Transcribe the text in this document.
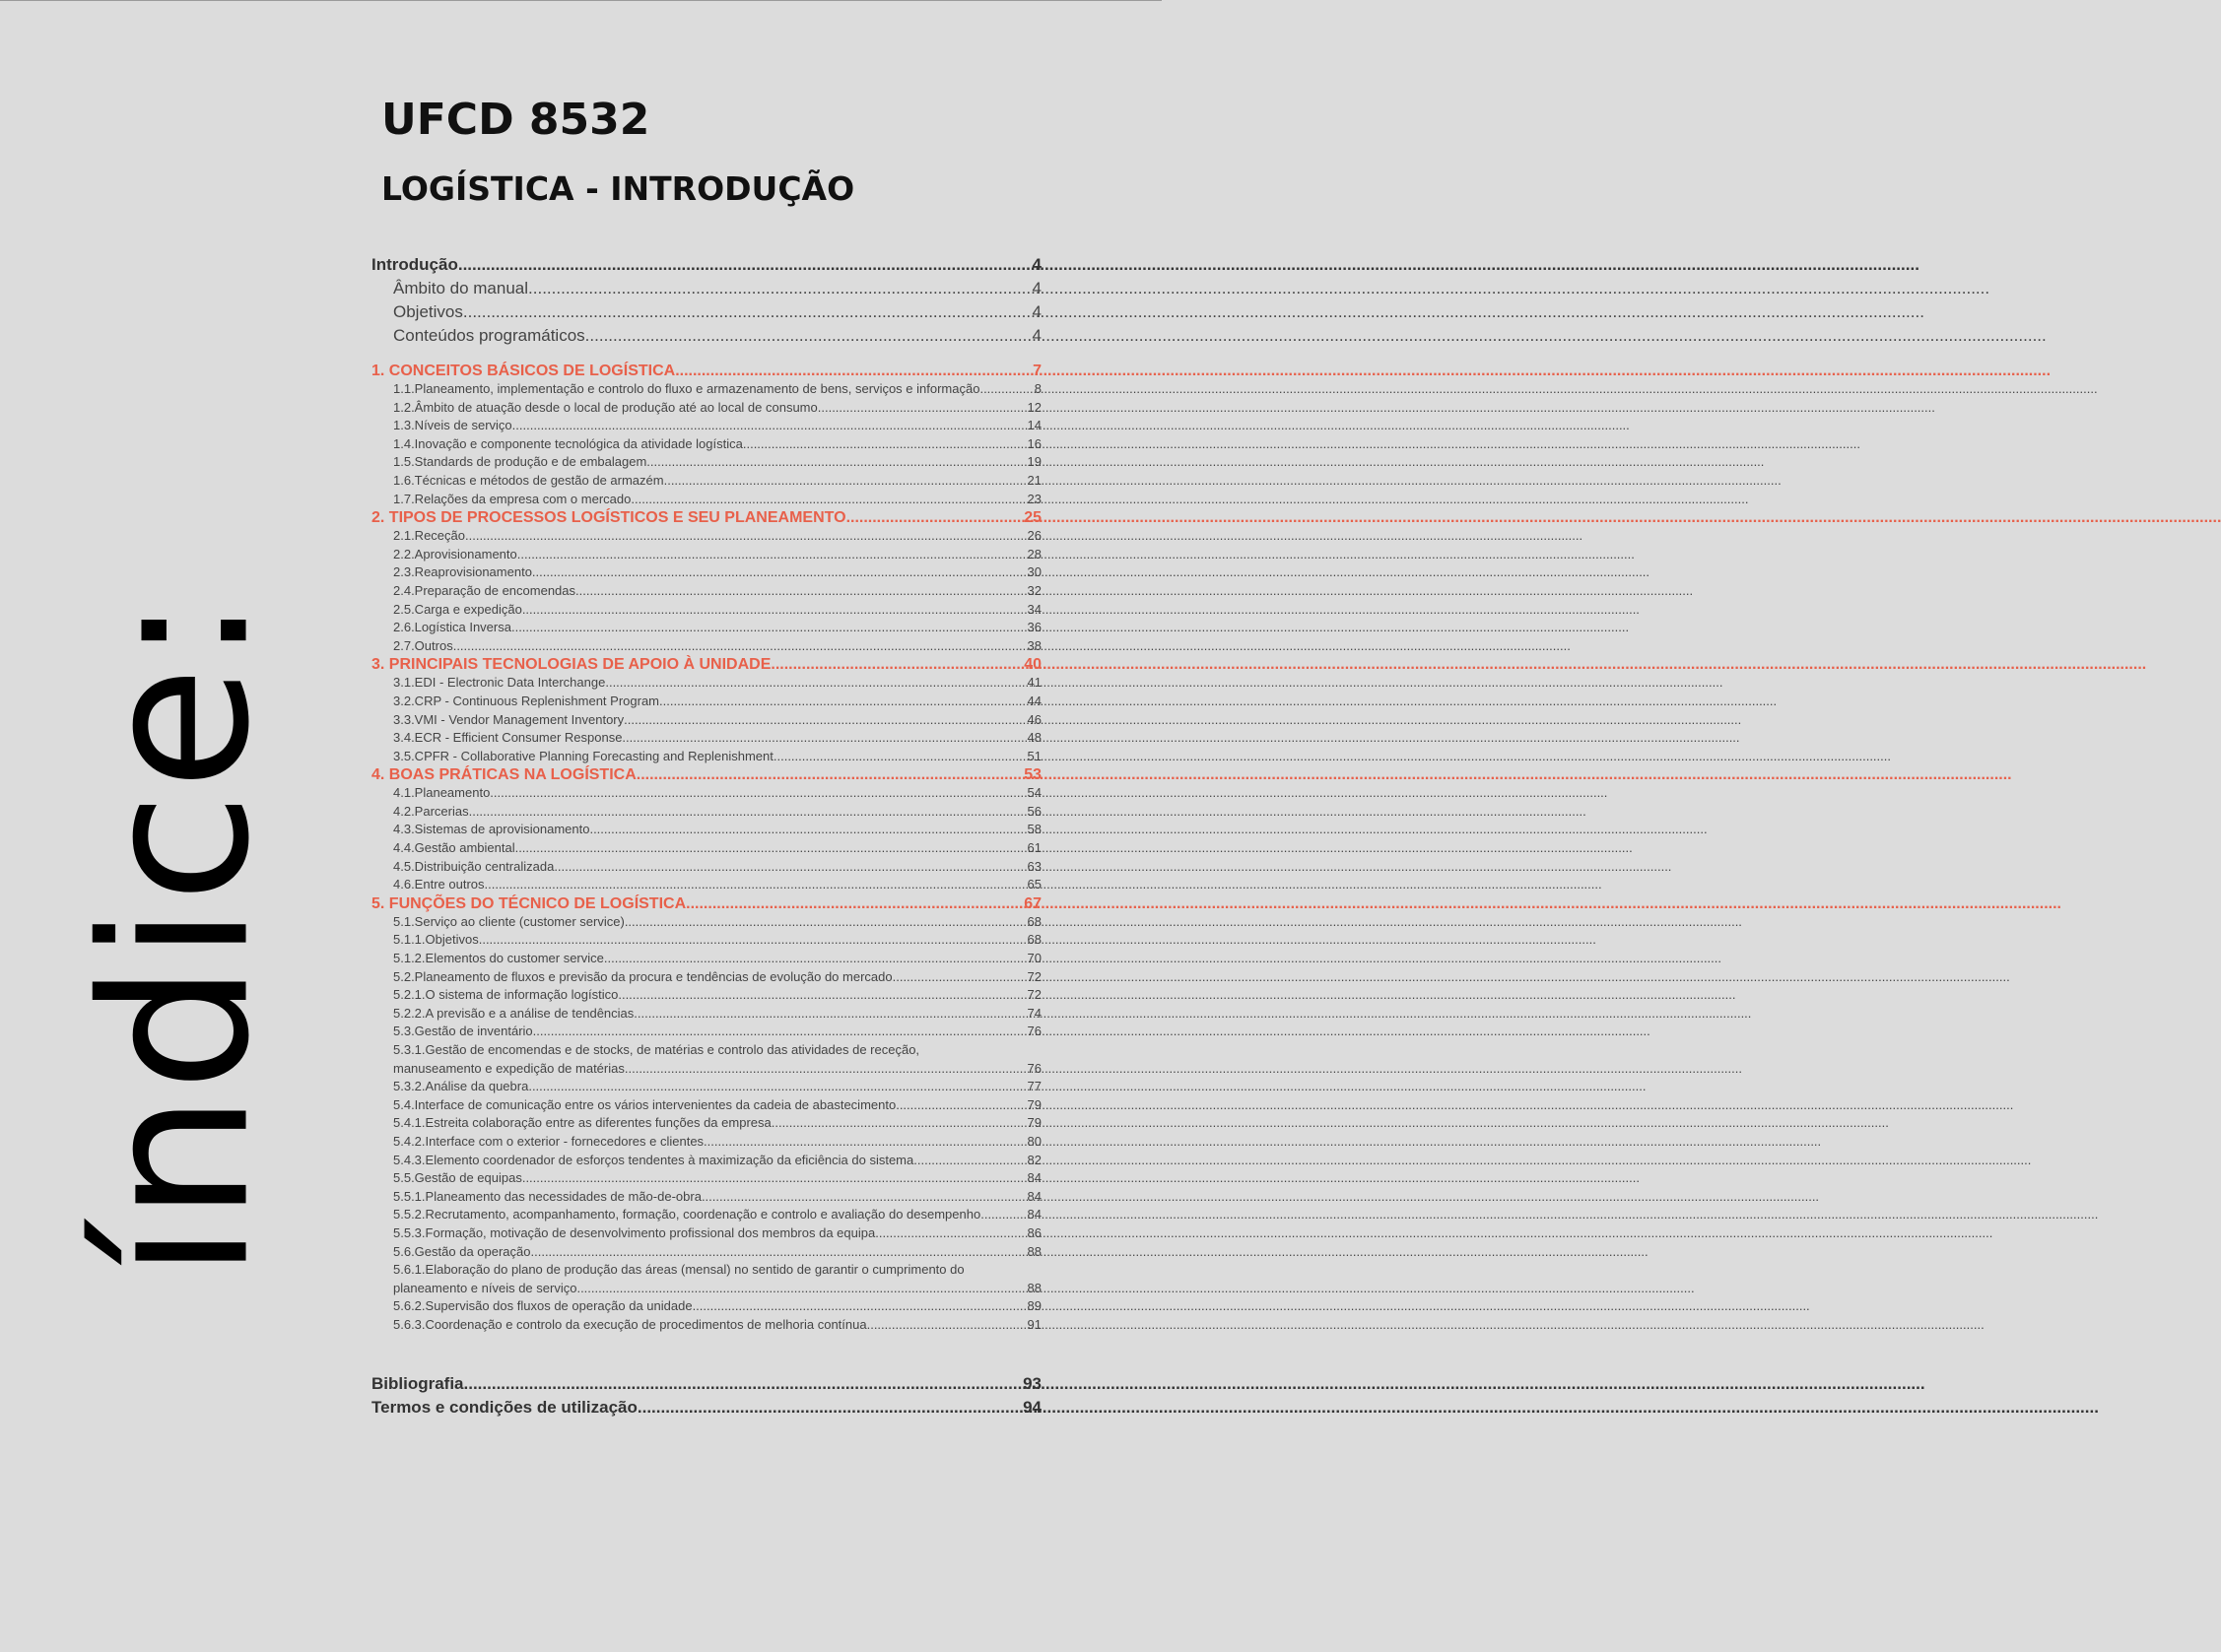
índice:
UFCD 8532
LOGÍSTICA - INTRODUÇÃO
Introdução .....	4
Âmbito do manual .....	4
Objetivos .....	4
Conteúdos programáticos .....	4
1. CONCEITOS BÁSICOS DE LOGÍSTICA .....	7
1.1.Planeamento, implementação e controlo do fluxo e armazenamento de bens, serviços e informação .....	8
1.2.Âmbito de atuação desde o local de produção até ao local de consumo .....	12
1.3.Níveis de serviço .....	14
1.4.Inovação e componente tecnológica da atividade logística .....	16
1.5.Standards de produção e de embalagem .....	19
1.6.Técnicas e métodos de gestão de armazém .....	21
1.7.Relações da empresa com o mercado .....	23
2. TIPOS DE PROCESSOS LOGÍSTICOS E SEU PLANEAMENTO .....	25
2.1.Receção .....	26
2.2.Aprovisionamento .....	28
2.3.Reaprovisionamento .....	30
2.4.Preparação de encomendas .....	32
2.5.Carga e expedição .....	34
2.6.Logística Inversa .....	36
2.7.Outros .....	38
3. PRINCIPAIS TECNOLOGIAS DE APOIO À UNIDADE .....	40
3.1.EDI - Electronic Data Interchange .....	41
3.2.CRP - Continuous Replenishment Program .....	44
3.3.VMI - Vendor Management Inventory .....	46
3.4.ECR - Efficient Consumer Response .....	48
3.5.CPFR - Collaborative Planning Forecasting and Replenishment .....	51
4. BOAS PRÁTICAS NA LOGÍSTICA .....	53
4.1.Planeamento .....	54
4.2.Parcerias .....	56
4.3.Sistemas de aprovisionamento .....	58
4.4.Gestão ambiental .....	61
4.5.Distribuição centralizada .....	63
4.6.Entre outros .....	65
5. FUNÇÕES DO TÉCNICO DE LOGÍSTICA .....	67
5.1.Serviço ao cliente (customer service) .....	68
5.1.1.Objetivos .....	68
5.1.2.Elementos do customer service .....	70
5.2.Planeamento de fluxos e previsão da procura e tendências de evolução do mercado .....	72
5.2.1.O sistema de informação logístico .....	72
5.2.2.A previsão e a análise de tendências .....	74
5.3.Gestão de inventário .....	76
5.3.1.Gestão de encomendas e de stocks, de matérias e controlo das atividades de receção,
manuseamento e expedição de matérias .....	76
5.3.2.Análise da quebra .....	77
5.4.Interface de comunicação entre os vários intervenientes da cadeia de abastecimento .....	79
5.4.1.Estreita colaboração entre as diferentes funções da empresa .....	79
5.4.2.Interface com o exterior - fornecedores e clientes .....	80
5.4.3.Elemento coordenador de esforços tendentes à maximização da eficiência do sistema .....	82
5.5.Gestão de equipas .....	84
5.5.1.Planeamento das necessidades de mão-de-obra .....	84
5.5.2.Recrutamento, acompanhamento, formação, coordenação e controlo e avaliação do desempenho .....	84
5.5.3.Formação, motivação de desenvolvimento profissional dos membros da equipa .....	86
5.6.Gestão da operação .....	88
5.6.1.Elaboração do plano de produção das áreas (mensal) no sentido de garantir o cumprimento do
planeamento e níveis de serviço .....	88
5.6.2.Supervisão dos fluxos de operação da unidade .....	89
5.6.3.Coordenação e controlo da execução de procedimentos de melhoria contínua .....	91
Bibliografia .....	93
Termos e condições de utilização .....	94
